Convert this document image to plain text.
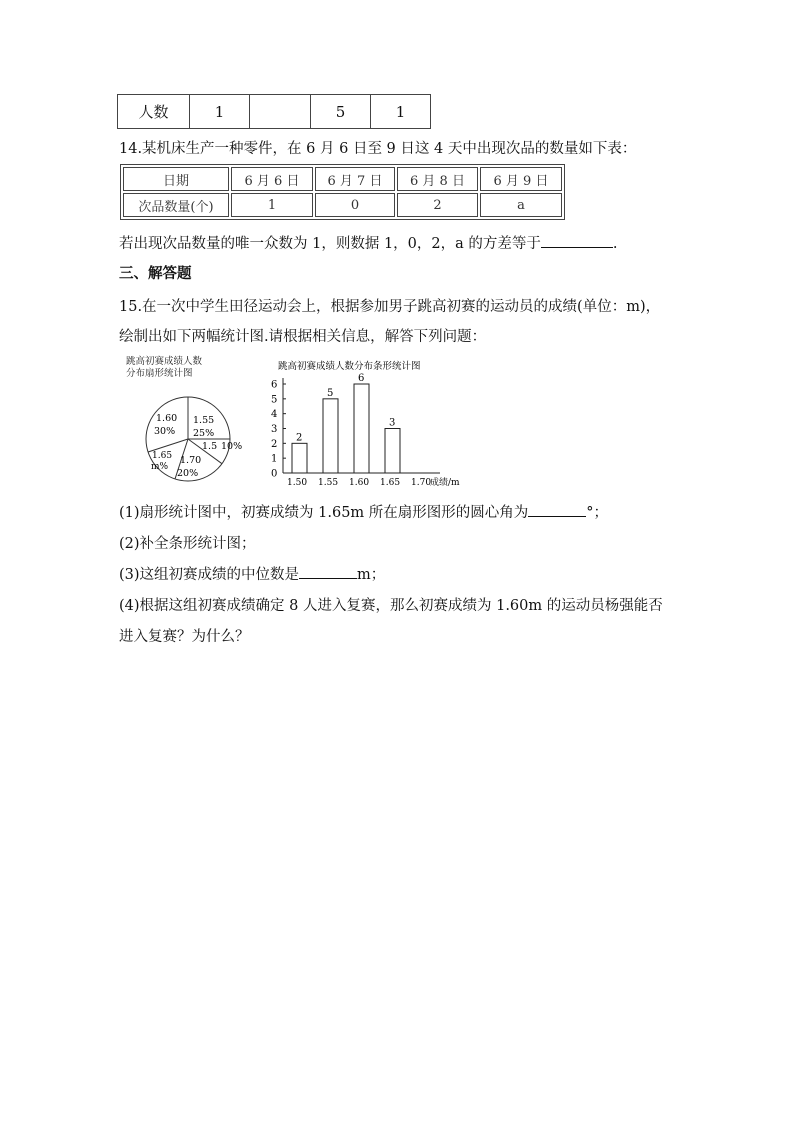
人数	1		5	1
14.某机床生产一种零件，在 6 月 6 日至 9 日这 4 天中出现次品的数量如下表：
日期	6 月 6 日	6 月 7 日	6 月 8 日	6 月 9 日
次品数量(个)	1	0	2	a
若出现次品数量的唯一众数为 1，则数据 1，0，2，a 的方差等于	.
三、解答题
15.在一次中学生田径运动会上，根据参加男子跳高初赛的运动员的成绩(单位：m)，
绘制出如下两幅统计图.请根据相关信息，解答下列问题：
跳高初赛成绩人数
分布扇形统计图
1.60
30%
1.55
25%
1.5 10%
1.70
20%
1.65
m%
跳高初赛成绩人数分布条形统计图
0
1
2
3
4
5
6
2
5
6
3
1.50 1.55 1.60 1.65 1.70
成绩/m
(1)扇形统计图中，初赛成绩为 1.65m 所在扇形图形的圆心角为	°；
(2)补全条形统计图；
(3)这组初赛成绩的中位数是	m；
(4)根据这组初赛成绩确定 8 人进入复赛，那么初赛成绩为 1.60m 的运动员杨强能否
进入复赛？为什么？
